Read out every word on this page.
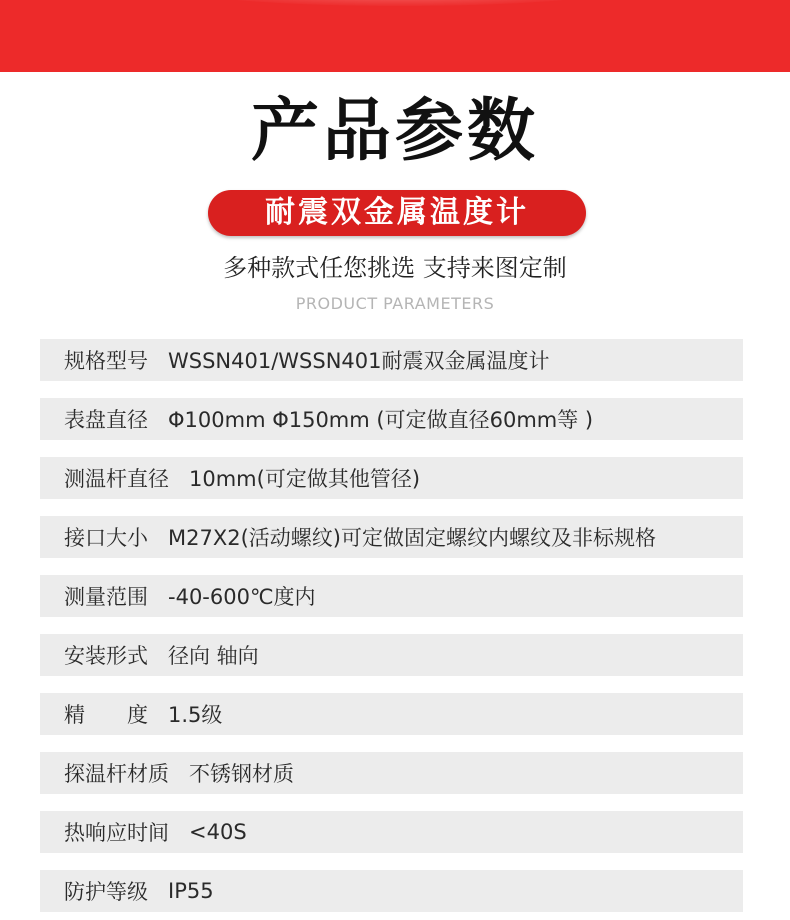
产品参数
耐震双金属温度计
多种款式任您挑选 支持来图定制
PRODUCT PARAMETERS
规格型号 WSSN401/WSSN401耐震双金属温度计
表盘直径 Φ100mm Φ150mm (可定做直径60mm等 )
测温杆直径 10mm(可定做其他管径)
接口大小 M27X2(活动螺纹)可定做固定螺纹内螺纹及非标规格
测量范围 -40-600℃度内
安装形式 径向 轴向
精　　度 1.5级
探温杆材质 不锈钢材质
热响应时间 <40S
防护等级 IP55
